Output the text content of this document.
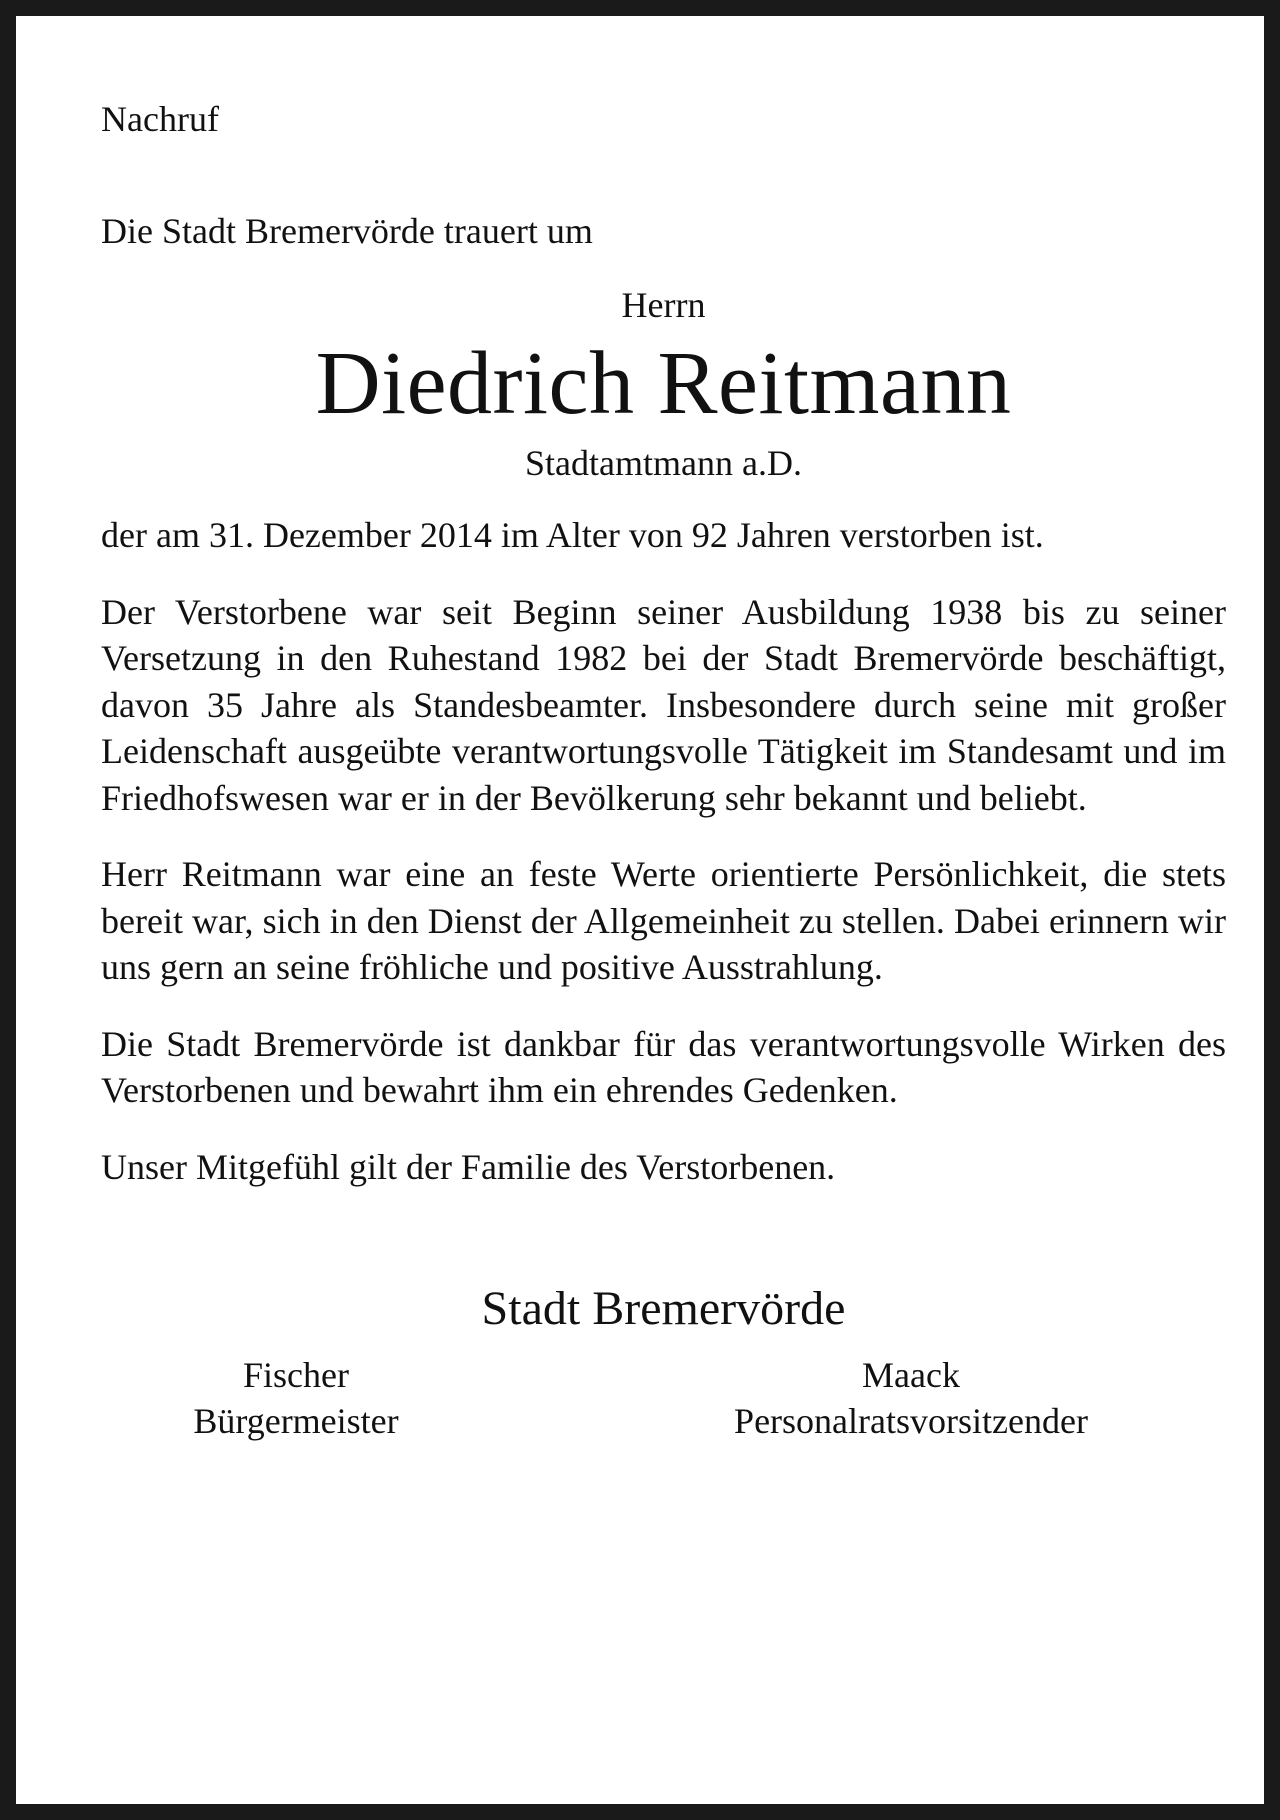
Nachruf
Die Stadt Bremervörde trauert um
Herrn
Diedrich Reitmann
Stadtamtmann a.D.

der am 31. Dezember 2014 im Alter von 92 Jahren verstorben ist.

Der Verstorbene war seit Beginn seiner Ausbildung 1938 bis zu seiner Versetzung in den Ruhestand 1982 bei der Stadt Bremervörde beschäftigt, davon 35 Jahre als Standesbeamter. Insbesondere durch seine mit großer Leidenschaft ausgeübte verantwortungsvolle Tätigkeit im Standesamt und im Friedhofswesen war er in der Bevölkerung sehr bekannt und beliebt.

Herr Reitmann war eine an feste Werte orientierte Persönlichkeit, die stets bereit war, sich in den Dienst der Allgemeinheit zu stellen. Dabei erinnern wir uns gern an seine fröhliche und positive Ausstrahlung.

Die Stadt Bremervörde ist dankbar für das verantwortungsvolle Wirken des Verstorbenen und bewahrt ihm ein ehrendes Gedenken.

Unser Mitgefühl gilt der Familie des Verstorbenen.
Stadt Bremervörde
Fischer
Bürgermeister
Maack
Personalratsvorsitzender
